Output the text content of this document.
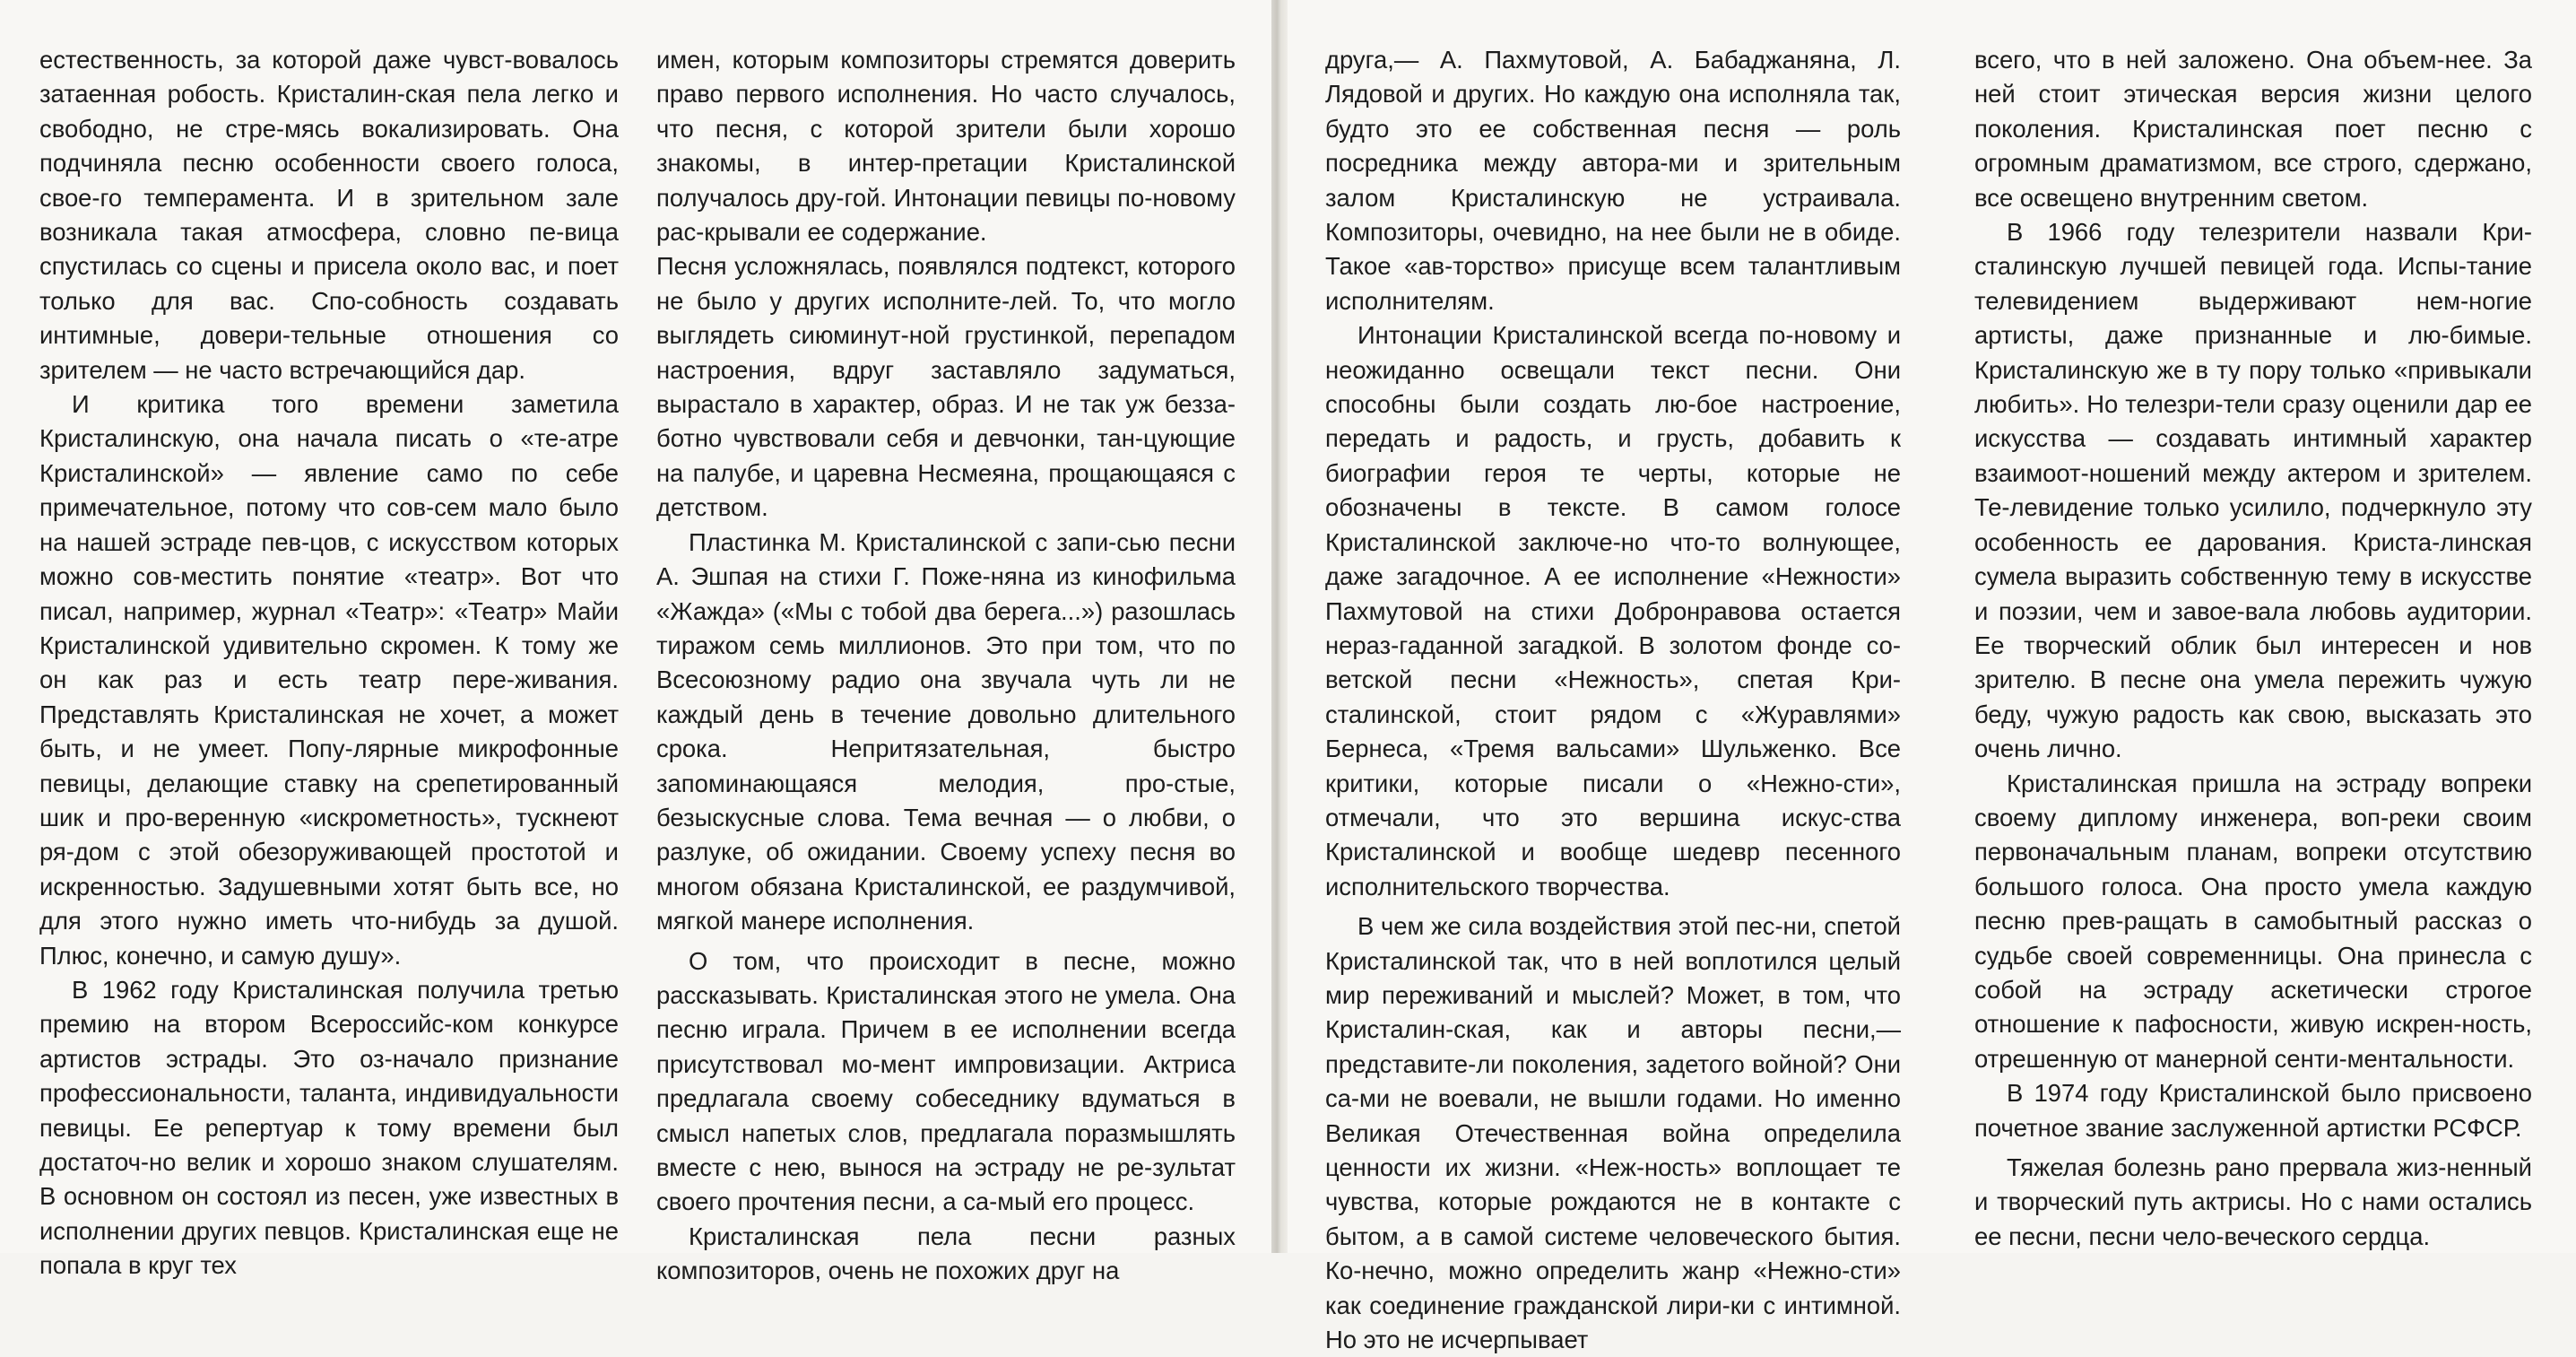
естественность, за которой даже чувст-вовалось затаенная робость. Кристалин-ская пела легко и свободно, не стре-мясь вокализировать. Она подчиняла песню особенности своего голоса, свое-го темперамента. И в зрительном зале возникала такая атмосфера, словно пе-вица спустилась со сцены и присела около вас, и поет только для вас. Спо-собность создавать интимные, довери-тельные отношения со зрителем — не часто встречающийся дар.

И критика того времени заметила Кристалинскую, она начала писать о «те-атре Кристалинской» — явление само по себе примечательное, потому что сов-сем мало было на нашей эстраде пев-цов, с искусством которых можно сов-местить понятие «театр». Вот что писал, например, журнал «Театр»: «Театр» Майи Кристалинской удивительно скромен. К тому же он как раз и есть театр пере-живания. Представлять Кристалинская не хочет, а может быть, и не умеет. Попу-лярные микрофонные певицы, делающие ставку на срепетированный шик и про-веренную «искрометность», тускнеют ря-дом с этой обезоруживающей простотой и искренностью. Задушевными хотят быть все, но для этого нужно иметь что-нибудь за душой. Плюс, конечно, и самую душу».

В 1962 году Кристалинская получила третью премию на втором Всероссийс-ком конкурсе артистов эстрады. Это оз-начало признание профессиональности, таланта, индивидуальности певицы. Ее репертуар к тому времени был достаточ-но велик и хорошо знаком слушателям. В основном он состоял из песен, уже известных в исполнении других певцов. Кристалинская еще не попала в круг тех

имен, которым композиторы стремятся доверить право первого исполнения. Но часто случалось, что песня, с которой зрители были хорошо знакомы, в интер-претации Кристалинской получалось дру-гой. Интонации певицы по-новому рас-крывали ее содержание.

Песня усложнялась, появлялся подтекст, которого не было у других исполните-лей. То, что могло выглядеть сиюминут-ной грустинкой, перепадом настроения, вдруг заставляло задуматься, вырастало в характер, образ. И не так уж безза-ботно чувствовали себя и девчонки, тан-цующие на палубе, и царевна Несмеяна, прощающаяся с детством.

Пластинка М. Кристалинской с запи-сью песни А. Эшпая на стихи Г. Поже-няна из кинофильма «Жажда» («Мы с тобой два берега...») разошлась тиражом семь миллионов. Это при том, что по Всесоюзному радио она звучала чуть ли не каждый день в течение довольно длительного срока. Непритязательная, быстро запоминающаяся мелодия, про-стые, безыскусные слова. Тема вечная — о любви, о разлуке, об ожидании. Своему успеху песня во многом обязана Кристалинской, ее раздумчивой, мягкой манере исполнения.

О том, что происходит в песне, можно рассказывать. Кристалинская этого не умела. Она песню играла. Причем в ее исполнении всегда присутствовал мо-мент импровизации. Актриса предлагала своему собеседнику вдуматься в смысл напетых слов, предлагала поразмышлять вместе с нею, вынося на эстраду не ре-зультат своего прочтения песни, а са-мый его процесс.

Кристалинская пела песни разных композиторов, очень не похожих друг на

друга,— А. Пахмутовой, А. Бабаджаняна, Л. Лядовой и других. Но каждую она исполняла так, будто это ее собственная песня — роль посредника между автора-ми и зрительным залом Кристалинскую не устраивала. Композиторы, очевидно, на нее были не в обиде. Такое «ав-торство» присуще всем талантливым исполнителям.

Интонации Кристалинской всегда по-новому и неожиданно освещали текст песни. Они способны были создать лю-бое настроение, передать и радость, и грусть, добавить к биографии героя те черты, которые не обозначены в тексте. В самом голосе Кристалинской заключе-но что-то волнующее, даже загадочное. А ее исполнение «Нежности» Пахмутовой на стихи Добронравова остается нераз-гаданной загадкой. В золотом фонде со-ветской песни «Нежность», спетая Кри-сталинской, стоит рядом с «Журавлями» Бернеса, «Тремя вальсами» Шульженко. Все критики, которые писали о «Нежно-сти», отмечали, что это вершина искус-ства Кристалинской и вообще шедевр песенного исполнительского творчества.

В чем же сила воздействия этой пес-ни, спетой Кристалинской так, что в ней воплотился целый мир переживаний и мыслей? Может, в том, что Кристалин-ская, как и авторы песни,— представите-ли поколения, задетого войной? Они са-ми не воевали, не вышли годами. Но именно Великая Отечественная война определила ценности их жизни. «Неж-ность» воплощает те чувства, которые рождаются не в контакте с бытом, а в самой системе человеческого бытия. Ко-нечно, можно определить жанр «Нежно-сти» как соединение гражданской лири-ки с интимной. Но это не исчерпывает

всего, что в ней заложено. Она объем-нее. За ней стоит этическая версия жизни целого поколения. Кристалинская поет песню с огромным драматизмом, все строго, сдержано, все освещено внутренним светом.

В 1966 году телезрители назвали Кри-сталинскую лучшей певицей года. Испы-тание телевидением выдерживают нем-ногие артисты, даже признанные и лю-бимые. Кристалинскую же в ту пору только «привыкали любить». Но телезри-тели сразу оценили дар ее искусства — создавать интимный характер взаимоот-ношений между актером и зрителем. Те-левидение только усилило, подчеркнуло эту особенность ее дарования. Криста-линская сумела выразить собственную тему в искусстве и поэзии, чем и завое-вала любовь аудитории. Ее творческий облик был интересен и нов зрителю. В песне она умела пережить чужую беду, чужую радость как свою, высказать это очень лично.

Кристалинская пришла на эстраду вопреки своему диплому инженера, воп-реки своим первоначальным планам, вопреки отсутствию большого голоса. Она просто умела каждую песню прев-ращать в самобытный рассказ о судьбе своей современницы. Она принесла с собой на эстраду аскетически строгое отношение к пафосности, живую искрен-ность, отрешенную от манерной сенти-ментальности.

В 1974 году Кристалинской было присвоено почетное звание заслуженной артистки РСФСР.

Тяжелая болезнь рано прервала жиз-ненный и творческий путь актрисы. Но с нами остались ее песни, песни чело-веческого сердца.
